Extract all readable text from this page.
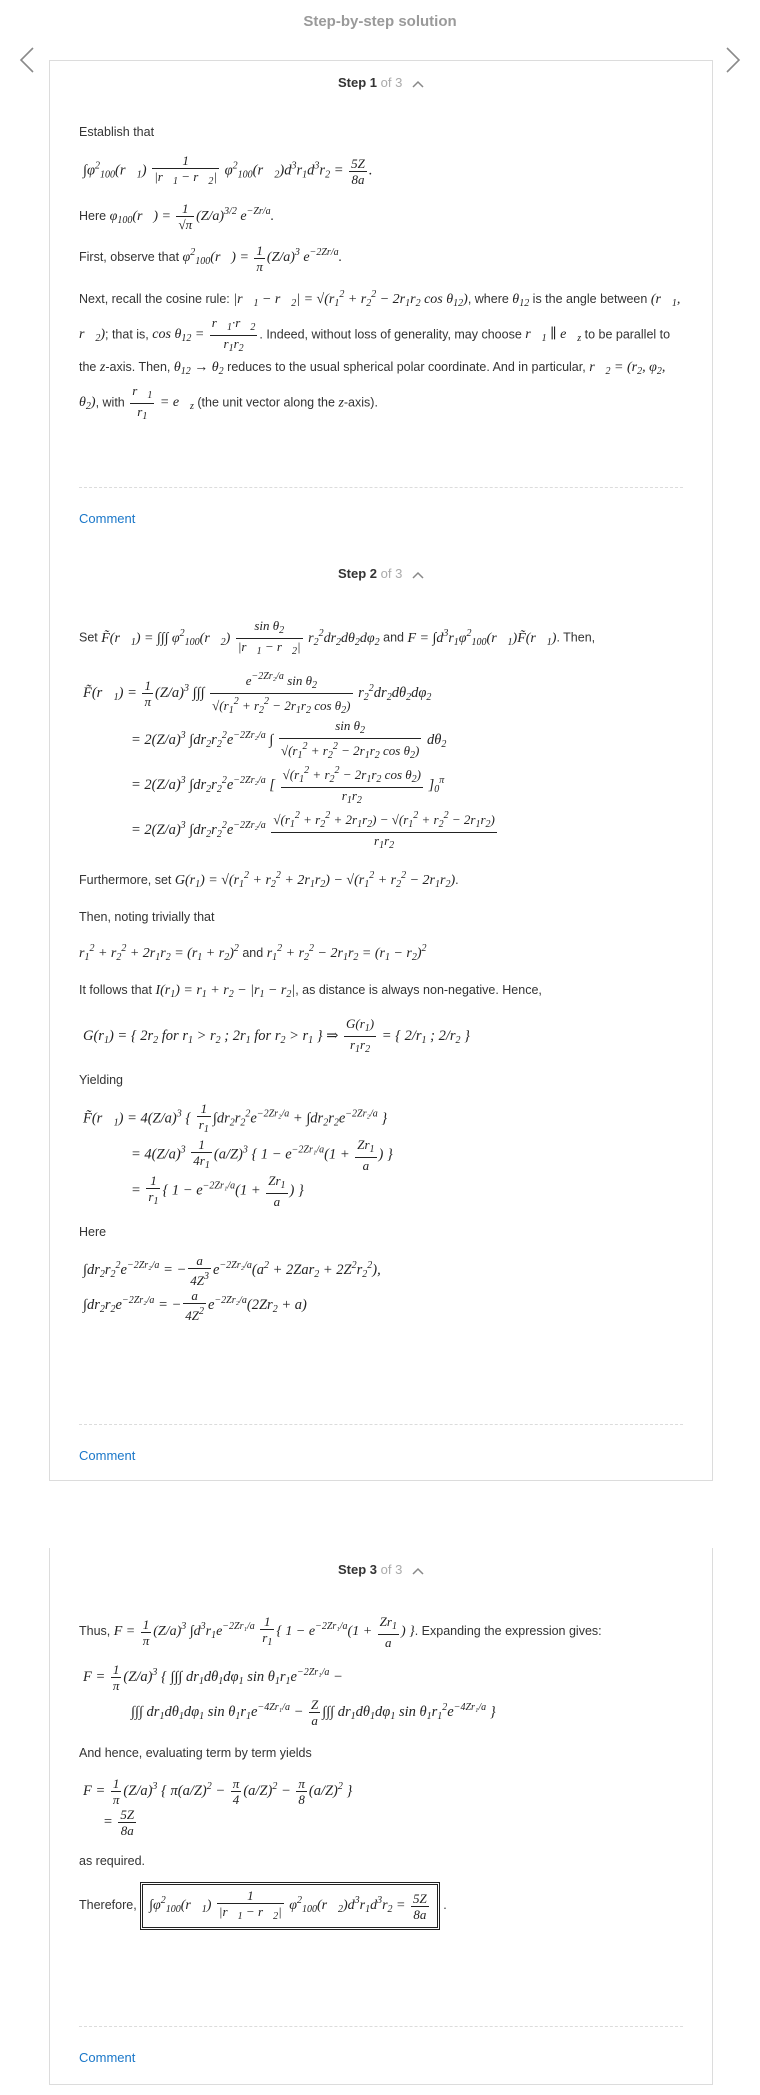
Step-by-step solution
Step 1 of 3

Establish that

$\int\varphi^2_{100}(r⃗_1) \frac{1}{|r⃗_1 - r⃗_2|}$ $\varphi^2_{100}(r⃗_2)d^3r_1d^3r_2 = \frac{5Z}{8a}$ .

Here $\varphi_{100}(r⃗) = \frac{1}{√\pi} (Z/a)^{3/2}$ $e^{-Zr/a}$.

First, observe that $\varphi^2_{100}(r⃗) = \frac{1}{\pi} (Z/a)^3$ $e^{-2Zr/a}$.

Next, recall the cosine rule: $|r⃗_1$ − $r⃗_2| = √(r_1^2 + r_2^2 - 2r_1r_2$ $\cos \theta_{12}$), where $\theta_{12}$ is the angle between ($r⃗_1$, $r⃗_2$); that is, $\cos \theta_{12} = \frac{r⃗_1\cdot r⃗_2}{r_1r_2}$ . Indeed, without loss of generality, may choose $r⃗_1$ ∥ $e⃗_z$ to be parallel to the z-axis. Then, $\theta_{12} \to \theta_2$ reduces to the usual spherical polar coordinate. And in particular, $r⃗_2 = (r_2$, $\varphi_2$, $\theta_2$), with $\frac{r⃗_1}{r_1}$ = $e⃗_z$ (the unit vector along the z-axis).

Comment
Step 2 of 3

Set $F̃(r⃗_1)$ = ∫∫∫ $\varphi^2_{100}(r⃗_2) \frac{\sin \theta_2}{|r⃗_1 - r⃗_2|} r_2^2dr_2d\theta_2d\varphi_2$ and $F = \int d^3r_1\varphi^2_{100}(r⃗_1)F̃(r⃗_1)$. Then,

$F̃(r⃗_1) = \frac{1}{\pi} (Z/a)^3$ ∫∫∫ $\frac{e^{-2Zr_2/a} \sin \theta_2}{√(r_1^2 + r_2^2 - 2r_1r_2 \cos \theta_2)} r_2^2dr_2d\theta_2d\varphi_2$
= $2(Z/a)^3$ $\int dr_2r_2^2e^{-2Zr_2/a}$ ∫ $\frac{\sin \theta_2}{√(r_1^2 + r_2^2 - 2r_1r_2 \cos \theta_2)} d\theta_2$
= $2(Z/a)^3$ $\int dr_2r_2^2e^{-2Zr_2/a}$ [ $\frac{√(r_1^2 + r_2^2 - 2r_1r_2 \cos \theta_2)}{r_1r_2} ]_0^\pi$
= $2(Z/a)^3$ $\int dr_2r_2^2e^{-2Zr_2/a} \frac{√(r_1^2 + r_2^2 + 2r_1r_2) - √(r_1^2 + r_2^2 - 2r_1r_2)}{r_1r_2}$

Furthermore, set $G(r_1) = √(r_1^2 + r_2^2 + 2r_1r_2) - √(r_1^2 + r_2^2 - 2r_1r_2)$.

Then, noting trivially that

$r_1^2 + r_2^2 + 2r_1r_2 = (r_1 + r_2)^2$ and $r_1^2 + r_2^2 - 2r_1r_2 = (r_1 - r_2)^2$

It follows that $I(r_1) = r_1 + r_2 - |r_1 - r_2|$, as distance is always non-negative. Hence,

$G(r_1)$ = { $2r_2$ for $r_1 > r_2$ ; $2r_1$ for $r_2 > r_1$ } ⇒ $\frac{G(r_1)}{r_1r_2}$ = { $2/r_1$ ; $2/r_2$ }

Yielding

$F̃(r⃗_1) = 4(Z/a)^3$ { $\frac{1}{r_1} \int dr_2r_2^2e^{-2Zr_2/a} + \int dr_2r_2e^{-2Zr_2/a}$ }
= $4(Z/a)^3 \frac{1}{4r_1} (a/Z)^3$ { $1 - e^{-2Zr_1/a}(1 + \frac{Zr_1}{a}$ ) }
= $\frac{1}{r_1}$ { $1 - e^{-2Zr_1/a}(1 + \frac{Zr_1}{a}$ ) }

Here

$\int dr_2r_2^2e^{-2Zr_2/a}$ = − $\frac{a}{4Z^3} e^{-2Zr_2/a}(a^2 + 2Zar_2 + 2Z^2r_2^2)$,
$\int dr_2r_2e^{-2Zr_2/a}$ = − $\frac{a}{4Z^2} e^{-2Zr_2/a}(2Zr_2 + a)$
Comment
Step 3 of 3

Thus, $F = \frac{1}{\pi} (Z/a)^3$ $\int d^3r_1e^{-2Zr_1/a} \frac{1}{r_1}$ { $1 - e^{-2Zr_1/a}(1 + \frac{Zr_1}{a}$ ) }. Expanding the expression gives:

$F = \frac{1}{\pi} (Z/a)^3$ { ∫∫∫ $dr_1d\theta_1d\varphi_1$ $\sin \theta_1r_1e^{-2Zr_1/a}$ −
∫∫∫ $dr_1d\theta_1d\varphi_1$ $\sin \theta_1r_1e^{-4Zr_1/a} - \frac{Z}{a}$ ∫∫∫ $dr_1d\theta_1d\varphi_1$ $\sin \theta_1r_1^2e^{-4Zr_1/a}$ }

And hence, evaluating term by term yields

$F = \frac{1}{\pi} (Z/a)^3$ { $\pi(a/Z)^2 - \frac{\pi}{4} (a/Z)^2 - \frac{\pi}{8} (a/Z)^2$ }
= $\frac{5Z}{8a}$

as required.

Therefore, $\int\varphi^2_{100}(r⃗_1) \frac{1}{|r⃗_1 - r⃗_2|}$ $\varphi^2_{100}(r⃗_2)d^3r_1d^3r_2 = \frac{5Z}{8a}$ .

Comment
